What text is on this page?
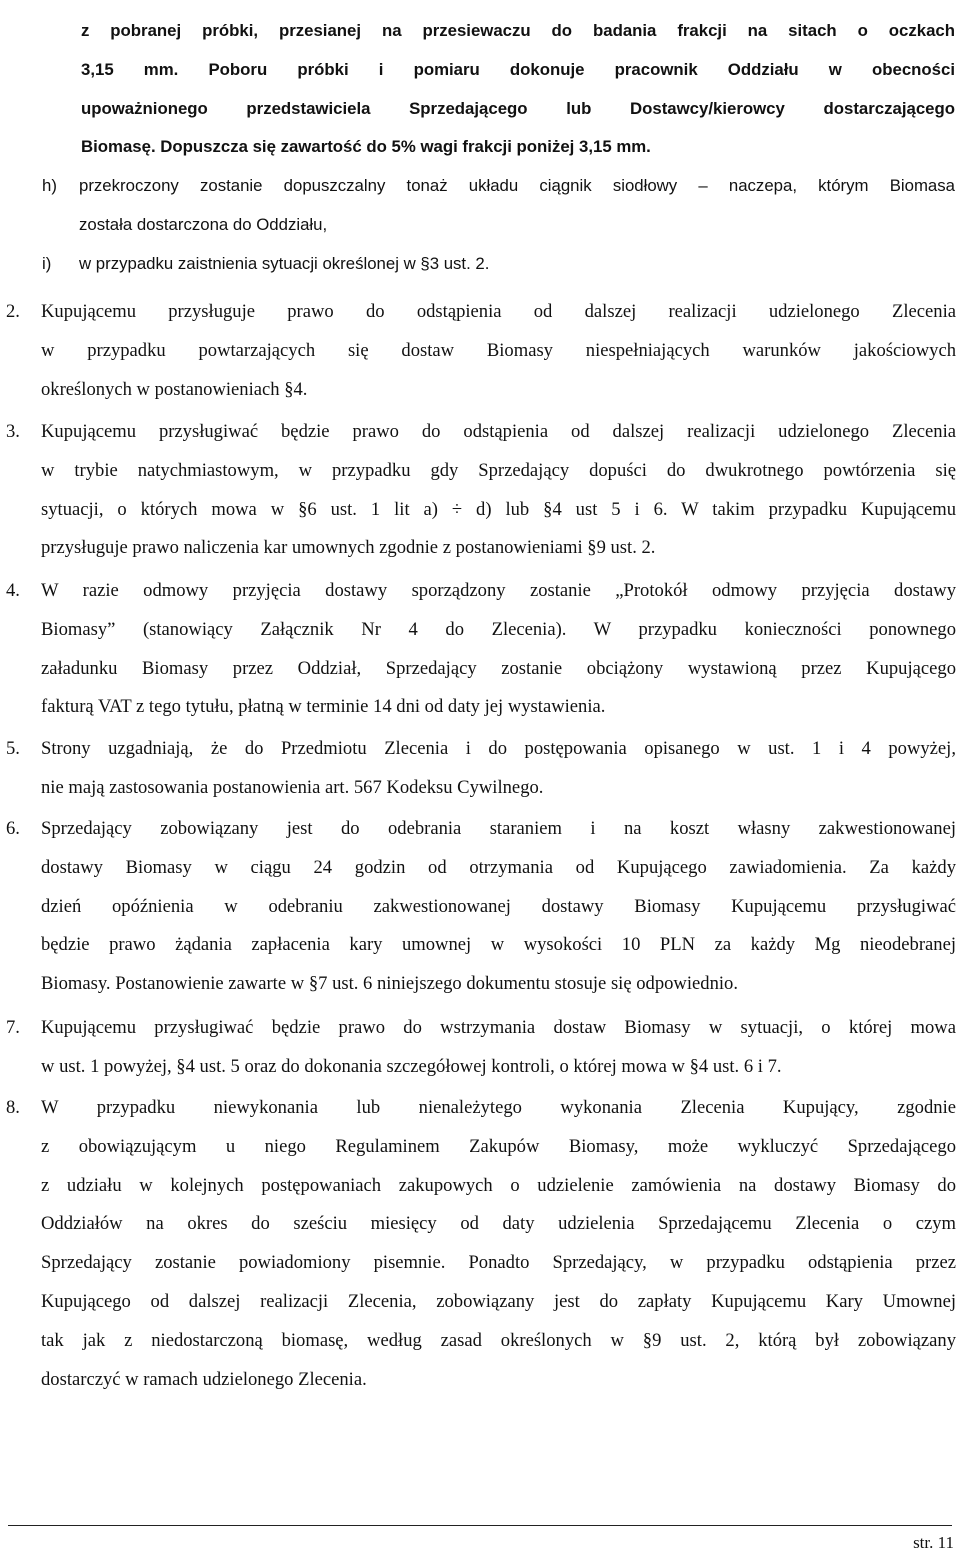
z pobranej próbki, przesianej na przesiewaczu do badania frakcji na sitach o oczkach
3,15 mm. Poboru próbki i pomiaru dokonuje pracownik Oddziału w obecności
upoważnionego przedstawiciela Sprzedającego lub Dostawcy/kierowcy dostarczającego
Biomasę. Dopuszcza się zawartość do 5% wagi frakcji poniżej 3,15 mm.
h) przekroczony zostanie dopuszczalny tonaż układu ciągnik siodłowy – naczepa, którym Biomasa
została dostarczona do Oddziału,
i) w przypadku zaistnienia sytuacji określonej w §3 ust. 2.
2. Kupującemu przysługuje prawo do odstąpienia od dalszej realizacji udzielonego Zlecenia
w przypadku powtarzających się dostaw Biomasy niespełniających warunków jakościowych
określonych w postanowieniach §4.
3. Kupującemu przysługiwać będzie prawo do odstąpienia od dalszej realizacji udzielonego Zlecenia
w trybie natychmiastowym, w przypadku gdy Sprzedający dopuści do dwukrotnego powtórzenia się
sytuacji, o których mowa w §6 ust. 1 lit a) ÷ d) lub §4 ust 5 i 6. W takim przypadku Kupującemu
przysługuje prawo naliczenia kar umownych zgodnie z postanowieniami §9 ust. 2.
4. W razie odmowy przyjęcia dostawy sporządzony zostanie „Protokół odmowy przyjęcia dostawy
Biomasy” (stanowiący Załącznik Nr 4 do Zlecenia). W przypadku konieczności ponownego
załadunku Biomasy przez Oddział, Sprzedający zostanie obciążony wystawioną przez Kupującego
fakturą VAT z tego tytułu, płatną w terminie 14 dni od daty jej wystawienia.
5. Strony uzgadniają, że do Przedmiotu Zlecenia i do postępowania opisanego w ust. 1 i 4 powyżej,
nie mają zastosowania postanowienia art. 567 Kodeksu Cywilnego.
6. Sprzedający zobowiązany jest do odebrania staraniem i na koszt własny zakwestionowanej
dostawy Biomasy w ciągu 24 godzin od otrzymania od Kupującego zawiadomienia. Za każdy
dzień opóźnienia w odebraniu zakwestionowanej dostawy Biomasy Kupującemu przysługiwać
będzie prawo żądania zapłacenia kary umownej w wysokości 10 PLN za każdy Mg nieodebranej
Biomasy. Postanowienie zawarte w §7 ust. 6 niniejszego dokumentu stosuje się odpowiednio.
7. Kupującemu przysługiwać będzie prawo do wstrzymania dostaw Biomasy w sytuacji, o której mowa
w ust. 1 powyżej, §4 ust. 5 oraz do dokonania szczegółowej kontroli, o której mowa w §4 ust. 6 i 7.
8. W przypadku niewykonania lub nienależytego wykonania Zlecenia Kupujący, zgodnie
z obowiązującym u niego Regulaminem Zakupów Biomasy, może wykluczyć Sprzedającego
z udziału w kolejnych postępowaniach zakupowych o udzielenie zamówienia na dostawy Biomasy do
Oddziałów na okres do sześciu miesięcy od daty udzielenia Sprzedającemu Zlecenia o czym
Sprzedający zostanie powiadomiony pisemnie. Ponadto Sprzedający, w przypadku odstąpienia przez
Kupującego od dalszej realizacji Zlecenia, zobowiązany jest do zapłaty Kupującemu Kary Umownej
tak jak z niedostarczoną biomasę, według zasad określonych w §9 ust. 2, którą był zobowiązany
dostarczyć w ramach udzielonego Zlecenia.
str. 11
